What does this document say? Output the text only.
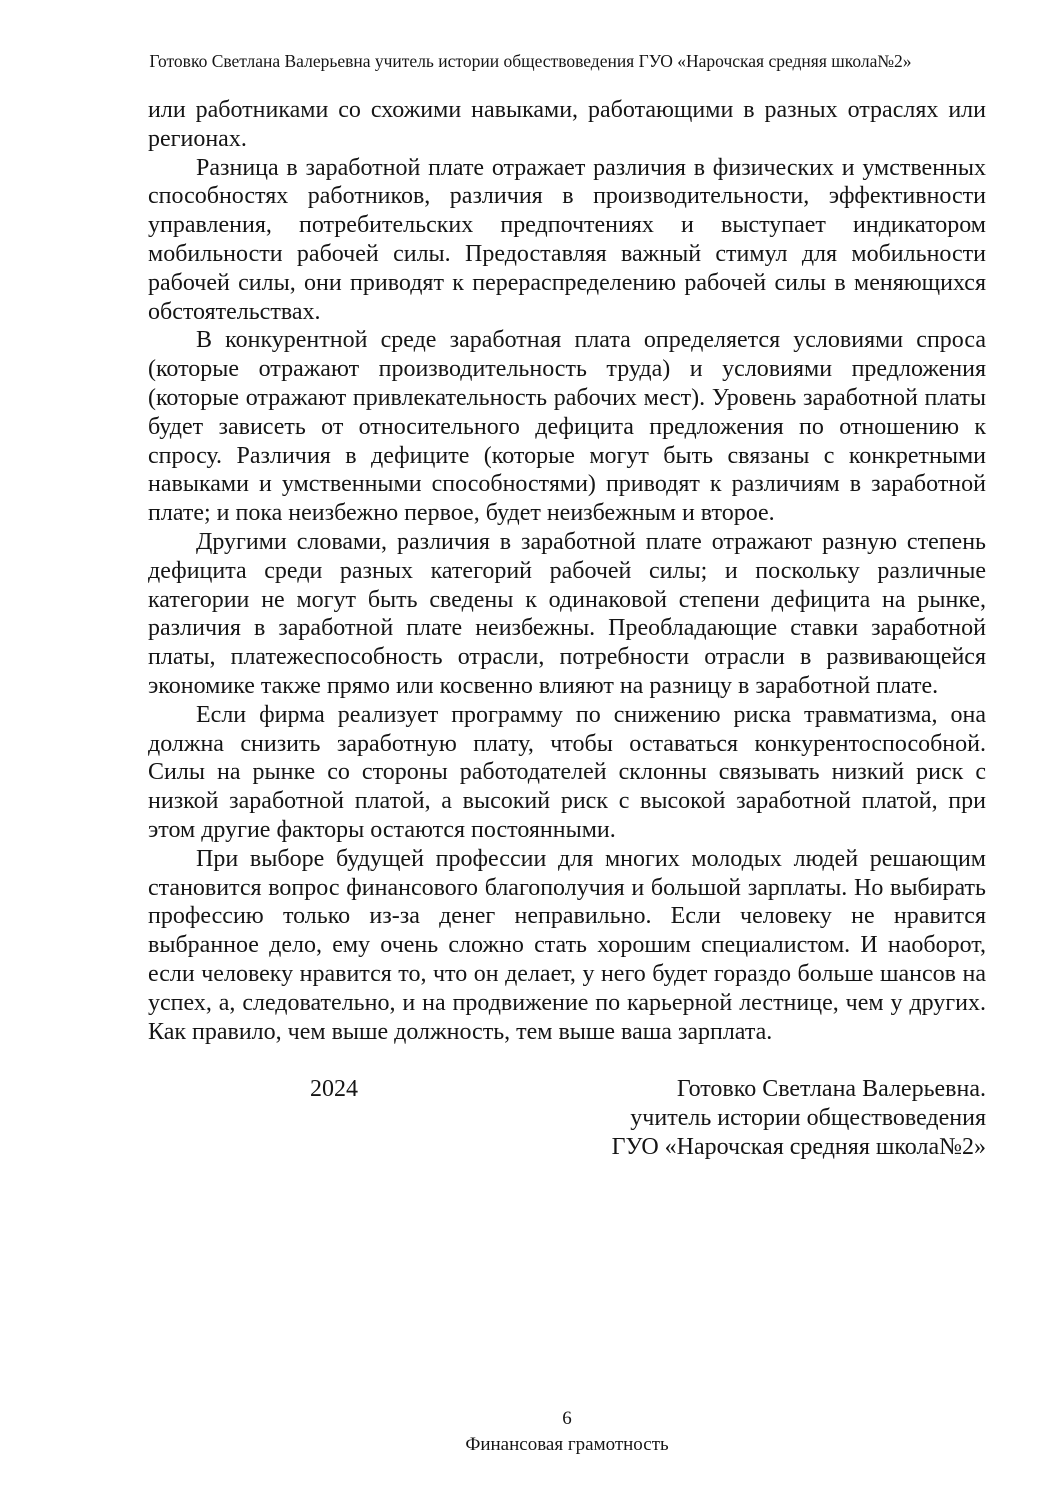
Готовко Светлана Валерьевна учитель истории обществоведения ГУО «Нарочская средняя школа№2»

или работниками со схожими навыками, работающими в разных отраслях или регионах.

Разница в заработной плате отражает различия в физических и умственных способностях работников, различия в производительности, эффективности управления, потребительских предпочтениях и выступает индикатором мобильности рабочей силы. Предоставляя важный стимул для мобильности рабочей силы, они приводят к перераспределению рабочей силы в меняющихся обстоятельствах.

В конкурентной среде заработная плата определяется условиями спроса (которые отражают производительность труда) и условиями предложения (которые отражают привлекательность рабочих мест). Уровень заработной платы будет зависеть от относительного дефицита предложения по отношению к спросу. Различия в дефиците (которые могут быть связаны с конкретными навыками и умственными способностями) приводят к различиям в заработной плате; и пока неизбежно первое, будет неизбежным и второе.

Другими словами, различия в заработной плате отражают разную степень дефицита среди разных категорий рабочей силы; и поскольку различные категории не могут быть сведены к одинаковой степени дефицита на рынке, различия в заработной плате неизбежны. Преобладающие ставки заработной платы, платежеспособность отрасли, потребности отрасли в развивающейся экономике также прямо или косвенно влияют на разницу в заработной плате.

Если фирма реализует программу по снижению риска травматизма, она должна снизить заработную плату, чтобы оставаться конкурентоспособной. Силы на рынке со стороны работодателей склонны связывать низкий риск с низкой заработной платой, а высокий риск с высокой заработной платой, при этом другие факторы остаются постоянными.

При выборе будущей профессии для многих молодых людей решающим становится вопрос финансового благополучия и большой зарплаты. Но выбирать профессию только из-за денег неправильно. Если человеку не нравится выбранное дело, ему очень сложно стать хорошим специалистом. И наоборот, если человеку нравится то, что он делает, у него будет гораздо больше шансов на успех, а, следовательно, и на продвижение по карьерной лестнице, чем у других. Как правило, чем выше должность, тем выше ваша зарплата.

2024	Готовко Светлана Валерьевна.
учитель истории обществоведения
ГУО «Нарочская средняя школа№2»
6
Финансовая грамотность
